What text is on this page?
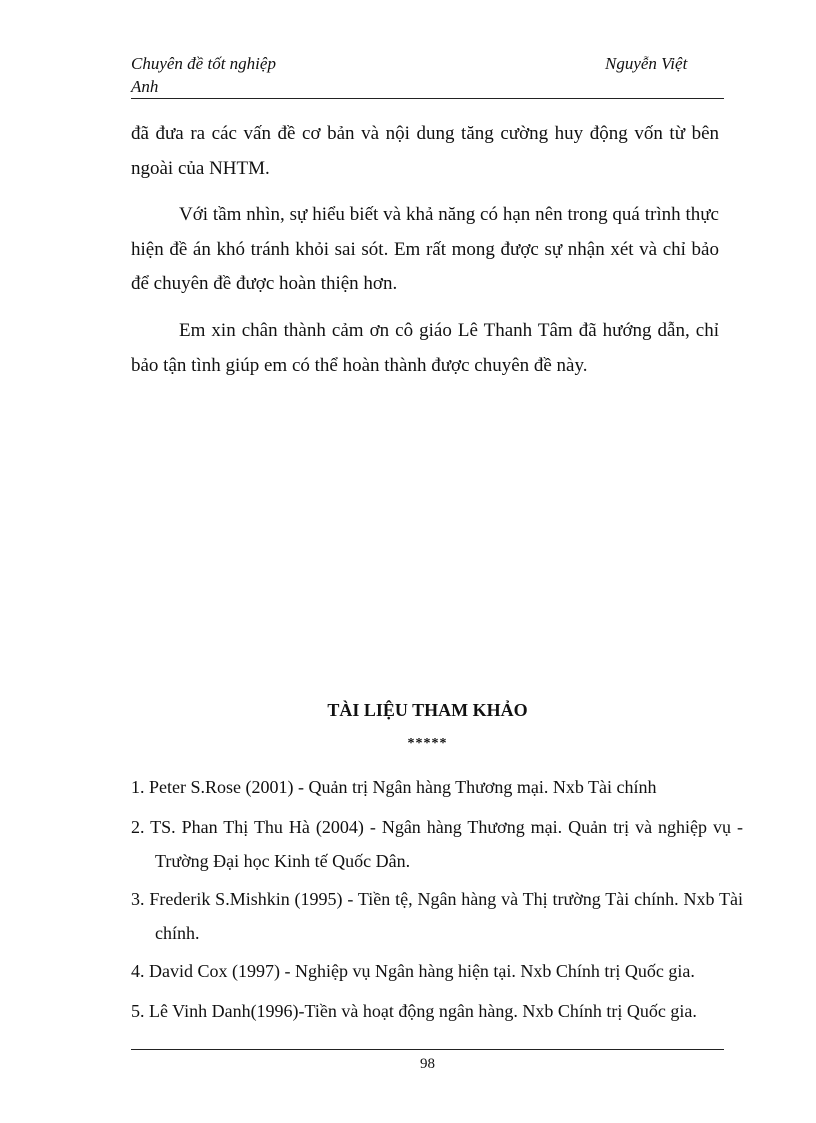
Chuyên đề tốt nghiệp
Anh
Nguyễn Việt

đã đưa ra các vấn đề cơ bản và nội dung tăng cường huy động vốn từ bên ngoài của NHTM.

Với tầm nhìn, sự hiểu biết và khả năng có hạn nên trong quá trình thực hiện đề án khó tránh khỏi sai sót. Em rất mong được sự nhận xét và chỉ bảo để chuyên đề được hoàn thiện hơn.

Em xin chân thành cảm ơn cô giáo Lê Thanh Tâm đã hướng dẫn, chỉ bảo tận tình giúp em có thể hoàn thành được chuyên đề này.

TÀI LIỆU THAM KHẢO
*****

1. Peter S.Rose (2001) - Quản trị Ngân hàng Thương mại. Nxb Tài chính

2. TS. Phan Thị Thu Hà (2004) - Ngân hàng Thương mại. Quản trị và nghiệp vụ - Trường Đại học Kinh tế Quốc Dân.

3. Frederik S.Mishkin (1995) - Tiền tệ, Ngân hàng và Thị trường Tài chính. Nxb Tài chính.

4. David Cox (1997) - Nghiệp vụ Ngân hàng hiện tại. Nxb Chính trị Quốc gia.

5. Lê Vinh Danh(1996)-Tiền và hoạt động ngân hàng. Nxb Chính trị Quốc gia.

98
